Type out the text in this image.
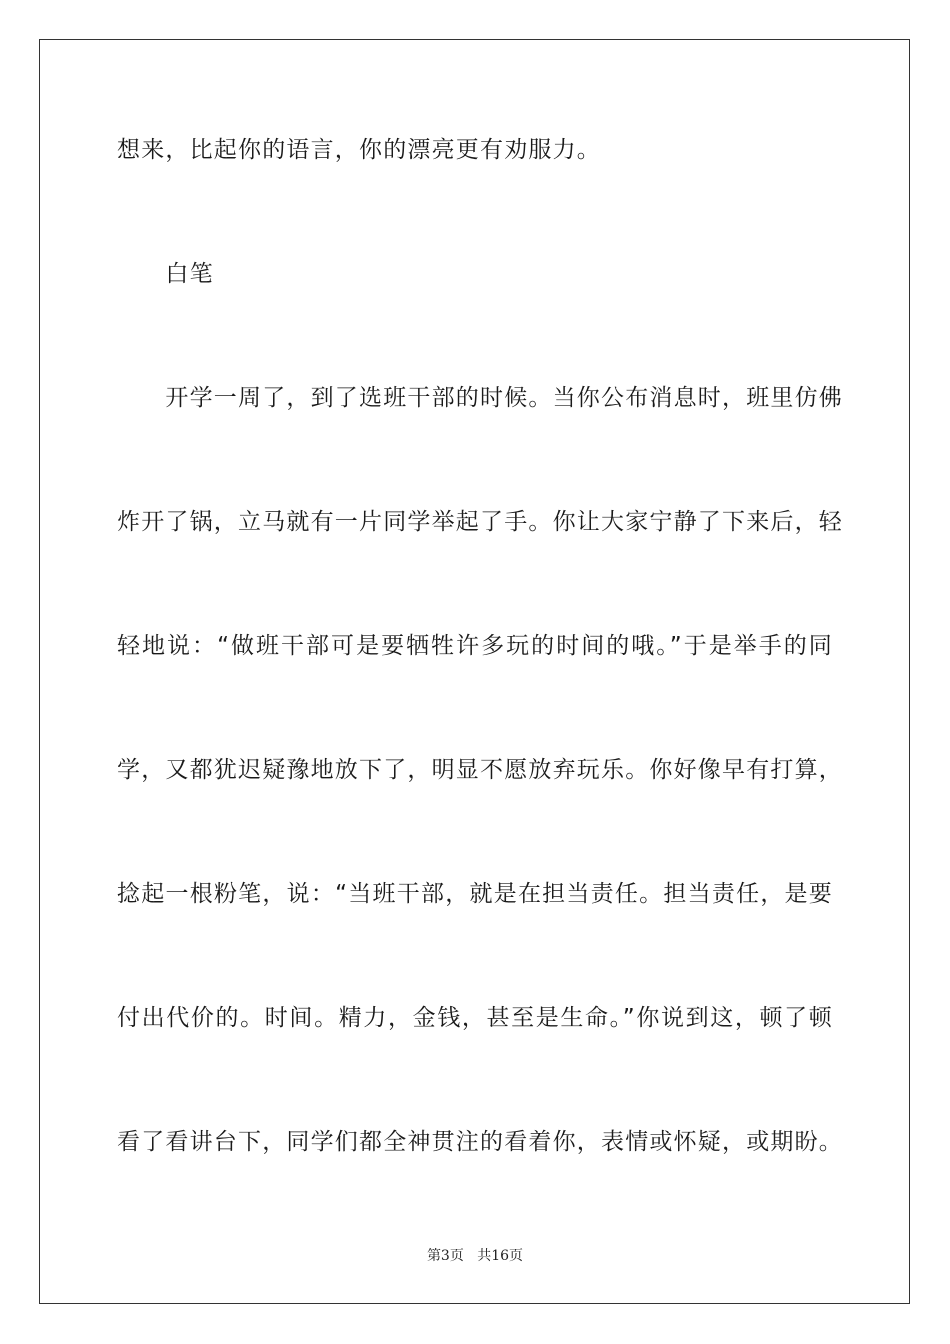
想来，比起你的语言，你的漂亮更有劝服力。
　　白笔
　　开学一周了，到了选班干部的时候。当你公布消息时，班里仿佛
炸开了锅，立马就有一片同学举起了手。你让大家宁静了下来后，轻
轻地说：“做班干部可是要牺牲许多玩的时间的哦。”于是举手的同
学，又都犹迟疑豫地放下了，明显不愿放弃玩乐。你好像早有打算，
捻起一根粉笔，说：“当班干部，就是在担当责任。担当责任，是要
付出代价的。时间。精力，金钱，甚至是生命。”你说到这，顿了顿
看了看讲台下，同学们都全神贯注的看着你，表情或怀疑，或期盼。
第3页 共16页
